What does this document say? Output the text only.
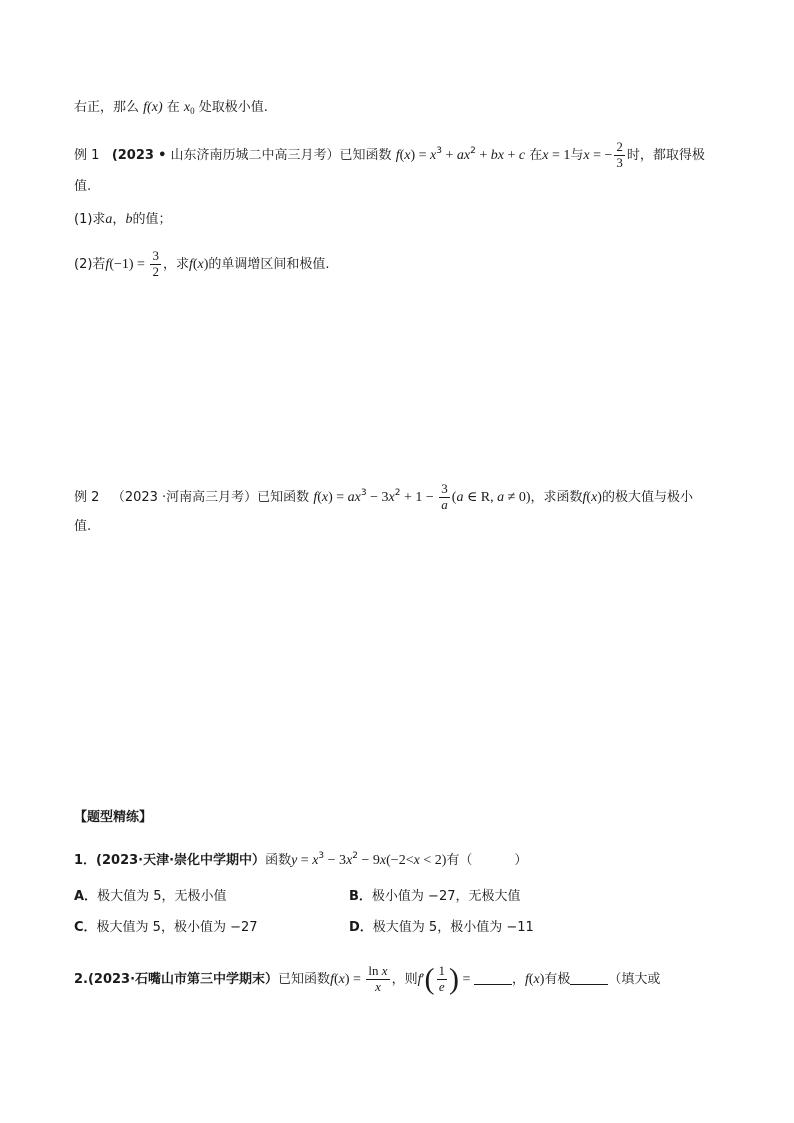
右正，那么 f(x) 在 $x_0$ 处取极小值.
例 1 (2023 • 山东济南历城二中高三月考）已知函数 $f(x) = x^3 + ax^2$ + bx + c 在x = 1与x = − $\frac{2}{3}$ 时，都取得极
值.
(1)求a，b的值；
(2)若$f(-1) = \frac{3}{2}$ ，求f(x)的单调增区间和极值.
例 2 （2023 ·河南高三月考）已知函数 $f(x) = ax^3 - 3x^2 + 1 - \frac{3}{a} (a$ ∈ R, a ≠ 0)，求函数f(x)的极大值与极小
值.
【题型精练】
1．(2023·天津·崇化中学期中）函数$y = x^3 - 3x^2 - 9x(-2<x < 2)$有（	）
A．极大值为 5，无极小值	B．极小值为 −27，无极大值
C．极大值为 5，极小值为 −27	D．极大值为 5，极小值为 −11
2.(2023·石嘴山市第三中学期末）已知函数$f(x) = \frac{\text{ln x}}{x}$ ，则$f'( \frac{1}{e}$ ) =	，f(x)有极	（填大或
